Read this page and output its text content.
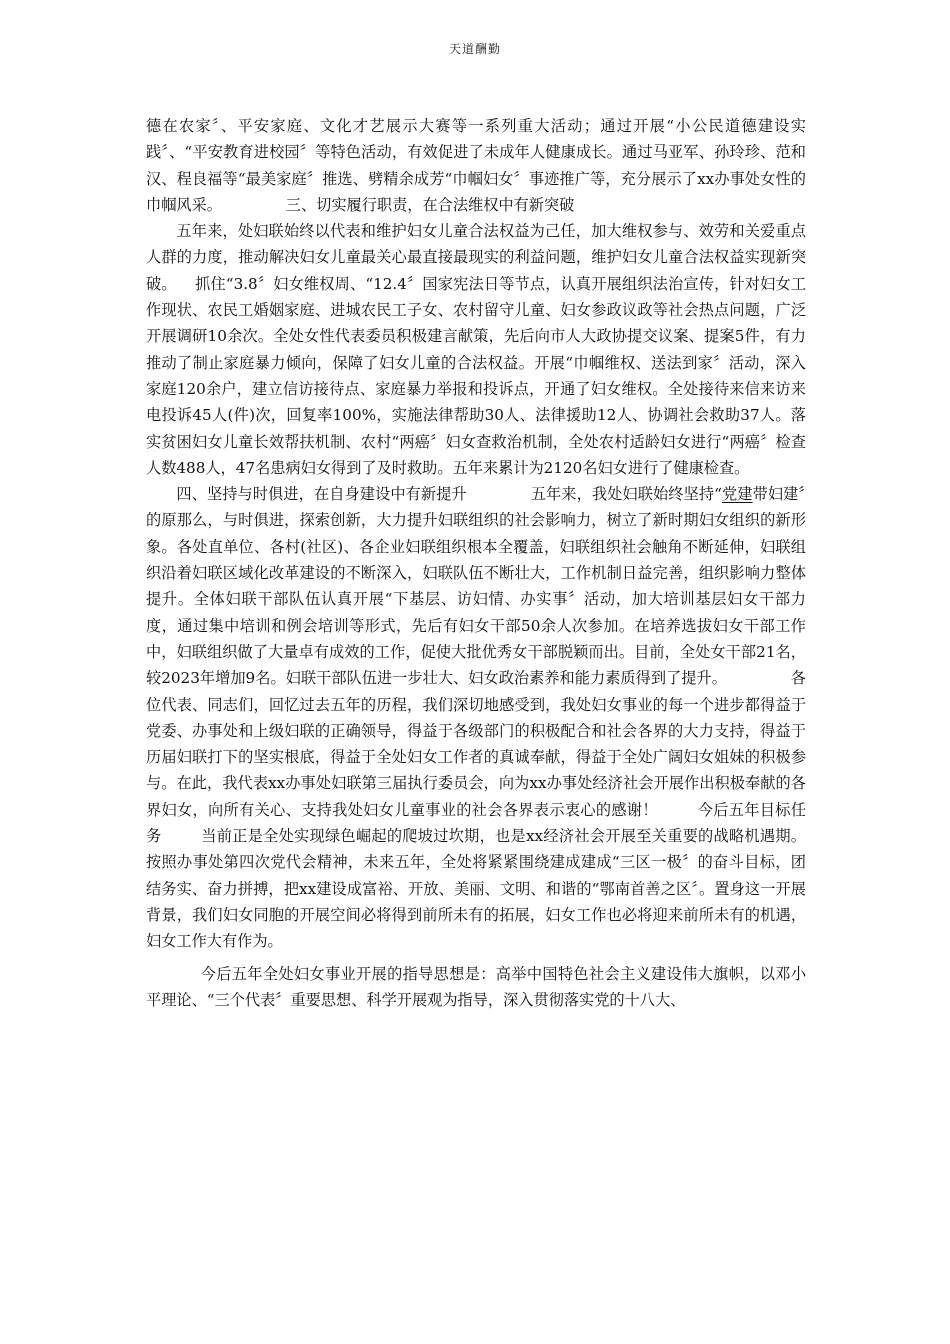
天道酬勤

德在农家〞、平安家庭、文化才艺展示大赛等一系列重大活动；通过开展“小公民道德建设实践〞、“平安教育进校园〞等特色活动，有效促进了未成年人健康成长。通过马亚军、孙玲珍、范和汉、程良福等“最美家庭〞推选、劈精余成芳“巾帼妇女〞事迹推广等，充分展示了xx办事处女性的巾帼风采。	三、切实履行职责，在合法维权中有新突破

五年来，处妇联始终以代表和维护妇女儿童合法权益为己任，加大维权参与、效劳和关爱重点人群的力度，推动解决妇女儿童最关心最直接最现实的利益问题，维护妇女儿童合法权益实现新突破。 抓住“3.8〞妇女维权周、“12.4〞国家宪法日等节点，认真开展组织法治宣传，针对妇女工作现状、农民工婚姻家庭、进城农民工子女、农村留守儿童、妇女参政议政等社会热点问题，广泛开展调研10余次。全处女性代表委员积极建言献策，先后向市人大政协提交议案、提案5件，有力推动了制止家庭暴力倾向，保障了妇女儿童的合法权益。开展“巾帼维权、送法到家〞活动，深入家庭120余户，建立信访接待点、家庭暴力举报和投诉点，开通了妇女维权。全处接待来信来访来电投诉45人(件)次，回复率100%，实施法律帮助30人、法律援助12人、协调社会救助37人。落实贫困妇女儿童长效帮扶机制、农村“两癌〞妇女查救治机制，全处农村适龄妇女进行“两癌〞检查人数488人，47名患病妇女得到了及时救助。五年来累计为2120名妇女进行了健康检查。

四、坚持与时俱进，在自身建设中有新提升	五年来，我处妇联始终坚持“党建带妇建〞的原那么，与时俱进，探索创新，大力提升妇联组织的社会影响力，树立了新时期妇女组织的新形象。各处直单位、各村(社区)、各企业妇联组织根本全覆盖，妇联组织社会触角不断延伸，妇联组织沿着妇联区域化改革建设的不断深入，妇联队伍不断壮大，工作机制日益完善，组织影响力整体提升。全体妇联干部队伍认真开展“下基层、访妇情、办实事〞活动，加大培训基层妇女干部力度，通过集中培训和例会培训等形式，先后有妇女干部50余人次参加。在培养选拔妇女干部工作中，妇联组织做了大量卓有成效的工作，促使大批优秀女干部脱颖而出。目前，全处女干部21名，较2023年增加9名。妇联干部队伍进一步壮大、妇女政治素养和能力素质得到了提升。	各位代表、同志们，回忆过去五年的历程，我们深切地感受到，我处妇女事业的每一个进步都得益于党委、办事处和上级妇联的正确领导，得益于各级部门的积极配合和社会各界的大力支持，得益于历届妇联打下的坚实根底，得益于全处妇女工作者的真诚奉献，得益于全处广阔妇女姐妹的积极参与。在此，我代表xx办事处妇联第三届执行委员会，向为xx办事处经济社会开展作出积极奉献的各界妇女，向所有关心、支持我处妇女儿童事业的社会各界表示衷心的感谢！	今后五年目标任务	当前正是全处实现绿色崛起的爬坡过坎期，也是xx经济社会开展至关重要的战略机遇期。按照办事处第四次党代会精神，未来五年，全处将紧紧围绕建成建成“三区一极〞的奋斗目标，团结务实、奋力拼搏，把xx建设成富裕、开放、美丽、文明、和谐的“鄂南首善之区〞。置身这一开展背景，我们妇女同胞的开展空间必将得到前所未有的拓展，妇女工作也必将迎来前所未有的机遇，妇女工作大有作为。

今后五年全处妇女事业开展的指导思想是：高举中国特色社会主义建设伟大旗帜，以邓小平理论、“三个代表〞重要思想、科学开展观为指导，深入贯彻落实党的十八大、
